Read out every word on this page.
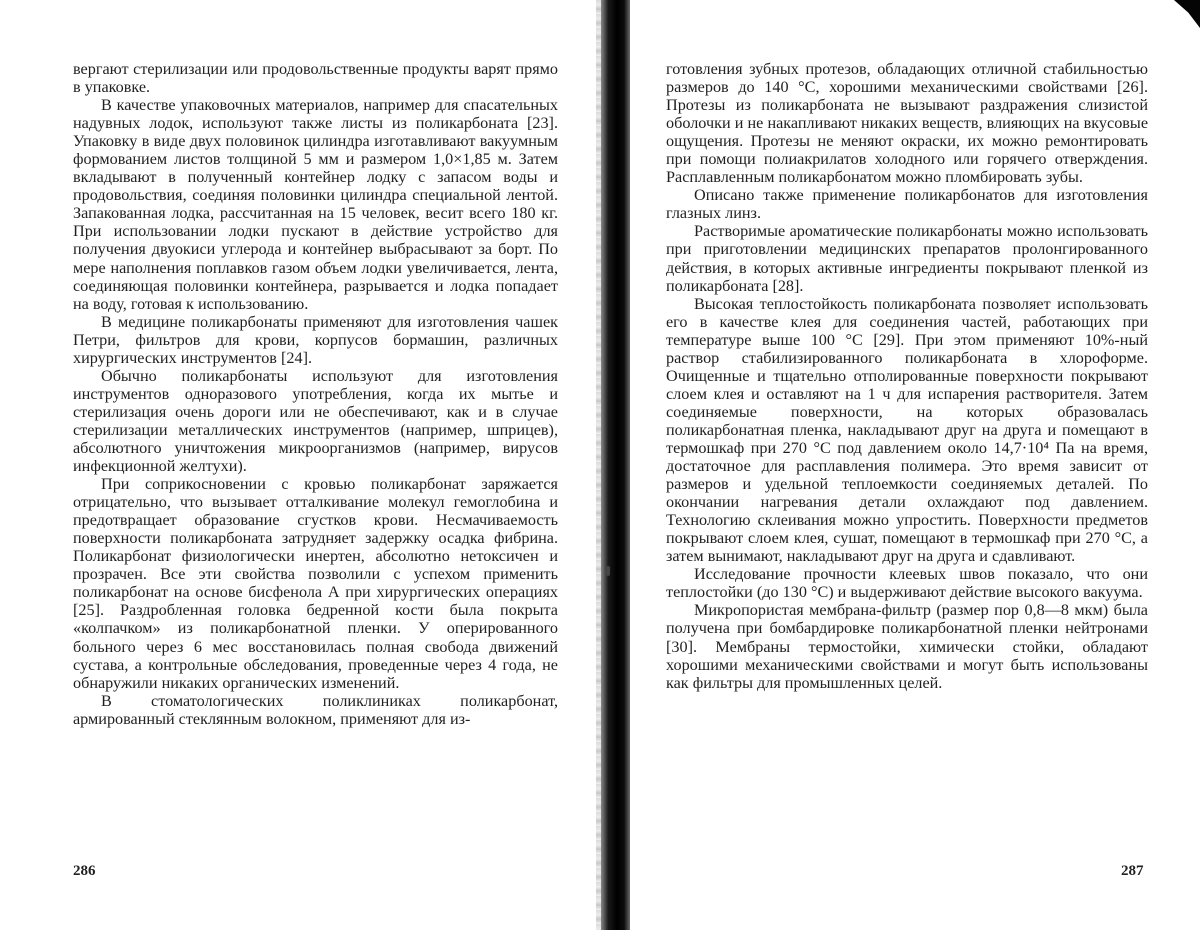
вергают стерилизации или продовольственные продукты варят прямо в упаковке.

В качестве упаковочных материалов, например для спасательных надувных лодок, используют также листы из поликарбоната [23]. Упаковку в виде двух половинок цилиндра изготавливают вакуумным формованием листов толщиной 5 мм и размером 1,0×1,85 м. Затем вкладывают в полученный контейнер лодку с запасом воды и продовольствия, соединяя половинки цилиндра специальной лентой. Запакованная лодка, рассчитанная на 15 человек, весит всего 180 кг. При использовании лодки пускают в действие устройство для получения двуокиси углерода и контейнер выбрасывают за борт. По мере наполнения поплавков газом объем лодки увеличивается, лента, соединяющая половинки контейнера, разрывается и лодка попадает на воду, готовая к использованию.

В медицине поликарбонаты применяют для изготовления чашек Петри, фильтров для крови, корпусов бормашин, различных хирургических инструментов [24].

Обычно поликарбонаты используют для изготовления инструментов одноразового употребления, когда их мытье и стерилизация очень дороги или не обеспечивают, как и в случае стерилизации металлических инструментов (например, шприцев), абсолютного уничтожения микроорганизмов (например, вирусов инфекционной желтухи).

При соприкосновении с кровью поликарбонат заряжается отрицательно, что вызывает отталкивание молекул гемоглобина и предотвращает образование сгустков крови. Несмачиваемость поверхности поликарбоната затрудняет задержку осадка фибрина. Поликарбонат физиологически инертен, абсолютно нетоксичен и прозрачен. Все эти свойства позволили с успехом применить поликарбонат на основе бисфенола А при хирургических операциях [25]. Раздробленная головка бедренной кости была покрыта «колпачком» из поликарбонатной пленки. У оперированного больного через 6 мес восстановилась полная свобода движений сустава, а контрольные обследования, проведенные через 4 года, не обнаружили никаких органических изменений.

В стоматологических поликлиниках поликарбонат, армированный стеклянным волокном, применяют для из-

286

готовления зубных протезов, обладающих отличной стабильностью размеров до 140 °С, хорошими механическими свойствами [26]. Протезы из поликарбоната не вызывают раздражения слизистой оболочки и не накапливают никаких веществ, влияющих на вкусовые ощущения. Протезы не меняют окраски, их можно ремонтировать при помощи полиакрилатов холодного или горячего отверждения. Расплавленным поликарбонатом можно пломбировать зубы.

Описано также применение поликарбонатов для изготовления глазных линз.

Растворимые ароматические поликарбонаты можно использовать при приготовлении медицинских препаратов пролонгированного действия, в которых активные ингредиенты покрывают пленкой из поликарбоната [28].

Высокая теплостойкость поликарбоната позволяет использовать его в качестве клея для соединения частей, работающих при температуре выше 100 °С [29]. При этом применяют 10%-ный раствор стабилизированного поликарбоната в хлороформе. Очищенные и тщательно отполированные поверхности покрывают слоем клея и оставляют на 1 ч для испарения растворителя. Затем соединяемые поверхности, на которых образовалась поликарбонатная пленка, накладывают друг на друга и помещают в термошкаф при 270 °С под давлением около 14,7·10⁴ Па на время, достаточное для расплавления полимера. Это время зависит от размеров и удельной теплоемкости соединяемых деталей. По окончании нагревания детали охлаждают под давлением. Технологию склеивания можно упростить. Поверхности предметов покрывают слоем клея, сушат, помещают в термошкаф при 270 °С, а затем вынимают, накладывают друг на друга и сдавливают.

Исследование прочности клеевых швов показало, что они теплостойки (до 130 °С) и выдерживают действие высокого вакуума.

Микропористая мембрана-фильтр (размер пор 0,8—8 мкм) была получена при бомбардировке поликарбонатной пленки нейтронами [30]. Мембраны термостойки, химически стойки, обладают хорошими механическими свойствами и могут быть использованы как фильтры для промышленных целей.

287
